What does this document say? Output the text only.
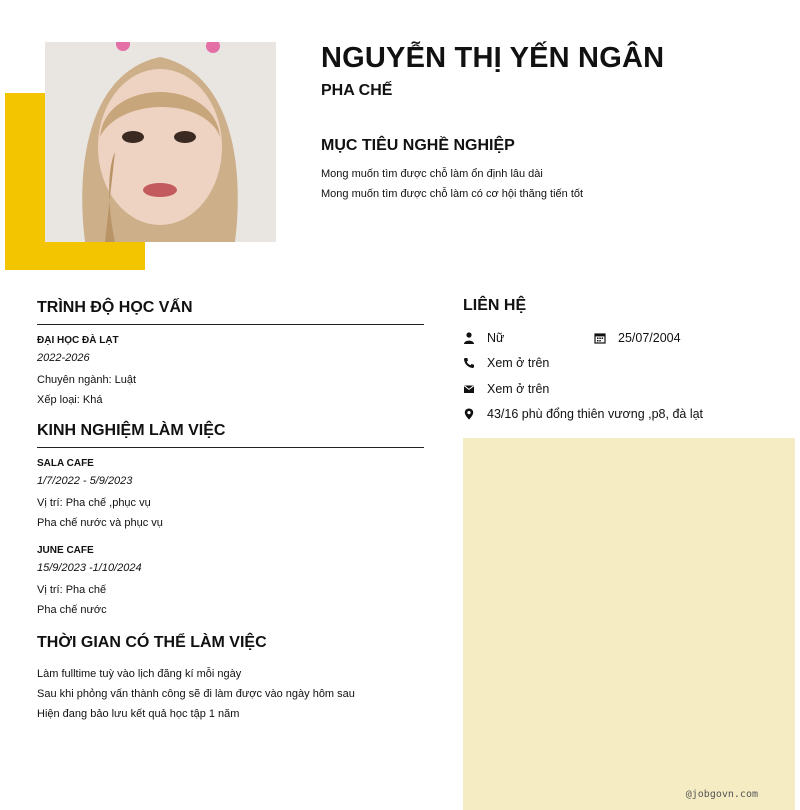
NGUYỄN THỊ YẾN NGÂN
PHA CHẾ
MỤC TIÊU NGHỀ NGHIỆP
Mong muốn tìm được chỗ làm ổn định lâu dài
Mong muốn tìm được chỗ làm có cơ hội thăng tiến tốt
TRÌNH ĐỘ HỌC VẤN
ĐẠI HỌC ĐÀ LẠT
2022-2026
Chuyên ngành: Luật
Xếp loại: Khá
KINH NGHIỆM LÀM VIỆC
SALA CAFE
1/7/2022 - 5/9/2023
Vị trí: Pha chế ,phục vụ
Pha chế nước và phục vụ
JUNE CAFE
15/9/2023 -1/10/2024
Vị trí: Pha chế
Pha chế nước
THỜI GIAN CÓ THỂ LÀM VIỆC
Làm fulltime tuỳ vào lịch đăng kí mỗi ngày
Sau khi phỏng vấn thành công sẽ đi làm được vào ngày hôm sau
Hiện đang bảo lưu kết quả học tập 1 năm
LIÊN HỆ
Nữ	25/07/2004
Xem ở trên
Xem ở trên
43/16 phù đổng thiên vương ,p8, đà lạt
@jobgovn.com
